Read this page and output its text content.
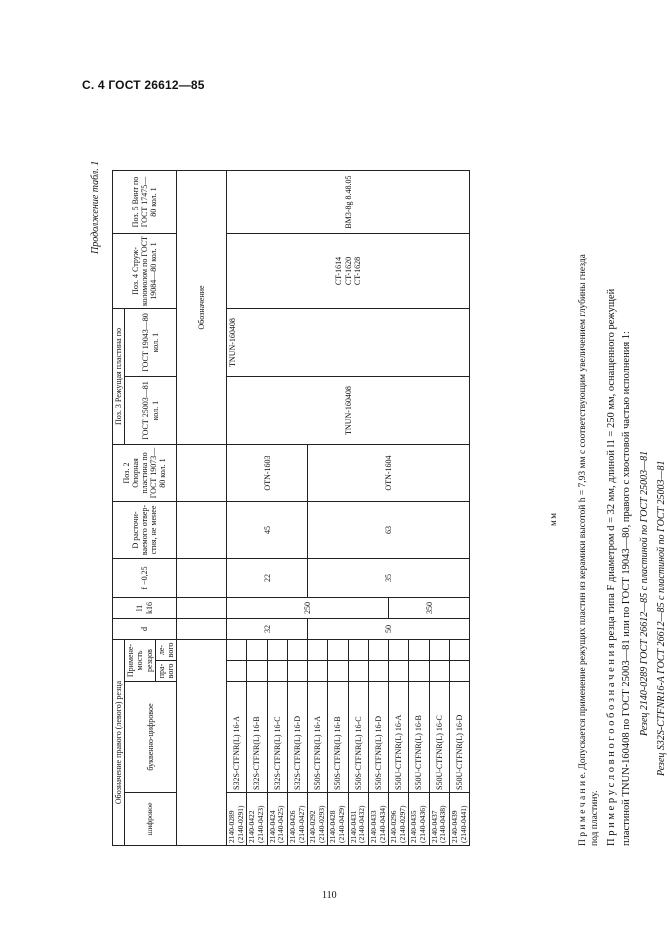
С. 4 ГОСТ 26612—85
110
Продолжение табл. 1
Обозначение правого (левого) резца				d	l1 k16	f −0,25	D расточи-ваемого отвер-стия, не менее	Поз. 2 Опорная пластина по ГОСТ 19073—80 кол. 1	Поз. 3 Режущая пластина по		Поз. 4 Струж-коломолом по ГОСТ 19084—80 кол. 1	Поз. 5 Винт по ГОСТ 17475—80 кол. 1
шифровое	буквенно-цифровое	Примене-мость резцов							ГОСТ 25003—81 кол. 1	ГОСТ 19043—80 кол. 1		
		пра-вого	ле-вого									
									Обозначение			
2140-0289
(2140-0291)	S32S-CTFNR(L) 16-A			32	250	22	45	OTN-1603	TNUN-160408	TNUN-160408	CT-1614
CT-1620
CT-1628	ВМ3-8g 8.48.05
2140-0422
(2140-0423)	S32S-CTFNR(L) 16-B											
2140-0424
(2140-0425)	S32S-CTFNR(L) 16-C											
2140-0426
(2140-0427)	S32S-CTFNR(L) 16-D											
2140-0292
(2140-0293)	S50S-CTFNR(L) 16-A			50		35	63	OTN-1604				
2140-0428
(2140-0429)	S50S-CTFNR(L) 16-B											
2140-0431
(2140-0432)	S50S-CTFNR(L) 16-C											
2140-0433
(2140-0434)	S50S-CTFNR(L) 16-D											
2140-0296
(2140-0297)	S50U-CTFNR(L) 16-A				350							
2140-0435
(2140-0436)	S50U-CTFNR(L) 16-B											
2140-0437
(2140-0438)	S50U-CTFNR(L) 16-C											
2140-0439
(2140-0441)	S50U-CTFNR(L) 16-D											
мм П р и м е ч а н и е. Допускается применение режущих пластин из керамики высотой h = 7,93 мм с соответствующим увеличением глубины гнезда под пластину. П р и м е р у с л о в н о г о о б о з н а ч е н и я резца типа F диаметром d = 32 мм, длиной l1 = 250 мм, оснащенного режущей пластиной TNUN-160408 по ГОСТ 25003—81 или по ГОСТ 19043—80, правого с хвостовой частью исполнения 1: Резец 2140-0289 ГОСТ 26612—85 с пластиной по ГОСТ 25003—81 Резец S32S-CTFNR16-A ГОСТ 26612—85 с пластиной по ГОСТ 25003—81
